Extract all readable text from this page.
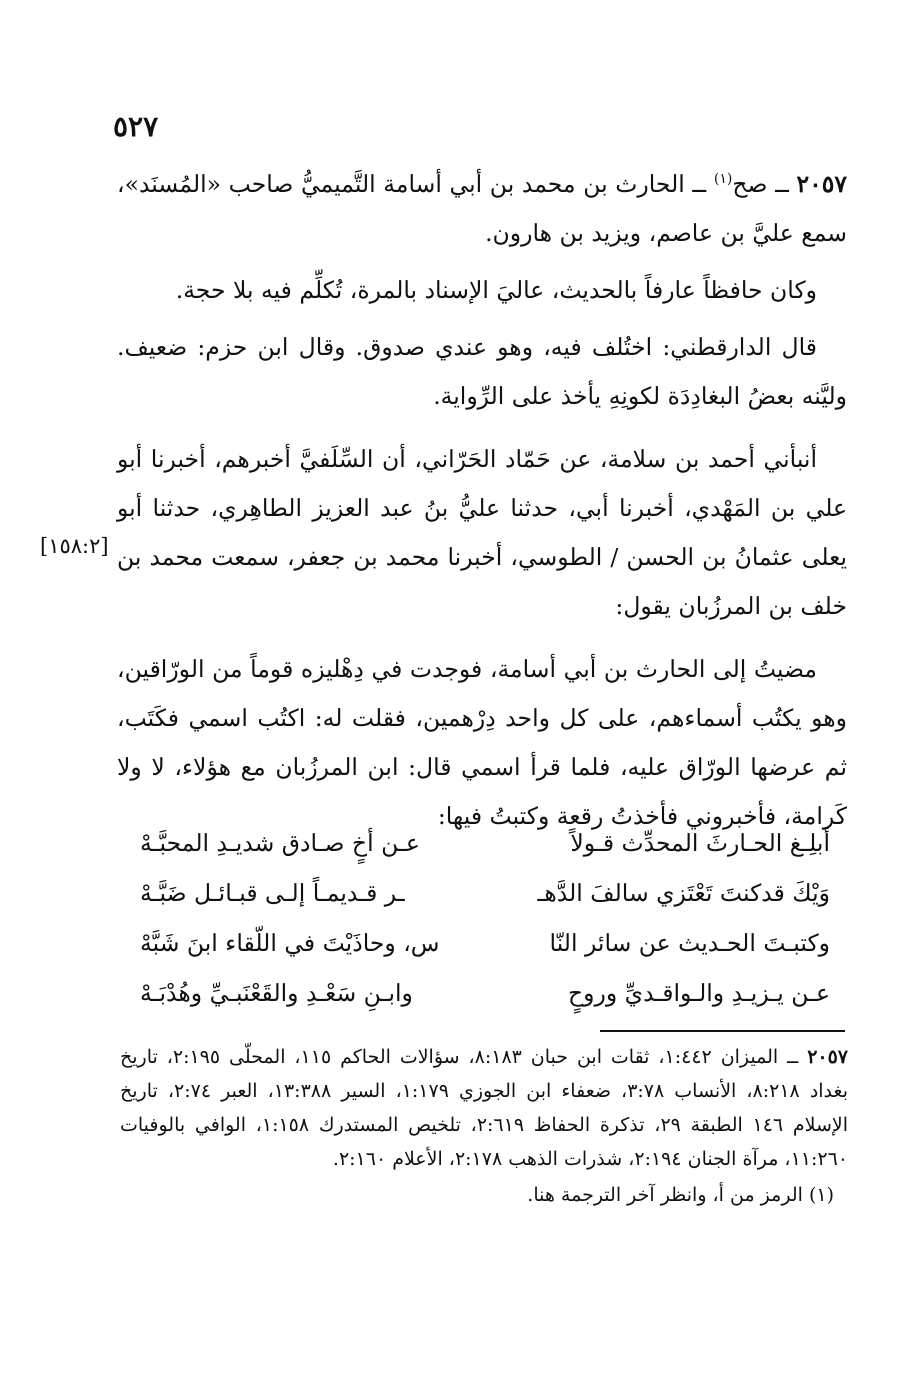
٥٢٧

٢٠٥٧ ــ صح$^{(١)}$ ــ الحارث بن محمد بن أبي أسامة التَّميميُّ صاحب «المُسنَد»، سمع عليَّ بن عاصم، ويزيد بن هارون.

وكان حافظاً عارفاً بالحديث، عاليَ الإسناد بالمرة، تُكلِّم فيه بلا حجة.

قال الدارقطني: اختُلف فيه، وهو عندي صدوق. وقال ابن حزم: ضعيف. وليَّنه بعضُ البغادِدَة لكونِهِ يأخذ على الرِّواية.

أنبأني أحمد بن سلامة، عن حَمّاد الحَرّاني، أن السِّلَفيَّ أخبرهم، أخبرنا أبو علي بن المَهْدي، أخبرنا أبي، حدثنا عليُّ بنُ عبد العزيز الطاهِري، حدثنا أبو يعلى عثمانُ بن الحسن / الطوسي، أخبرنا محمد بن جعفر، سمعت محمد بن خلف بن المرزُبان يقول:

مضيتُ إلى الحارث بن أبي أسامة، فوجدت في دِهْليزه قوماً من الورّاقين، وهو يكتُب أسماءهم، على كل واحد دِرْهمين، فقلت له: اكتُب اسمي فكَتَب، ثم عرضها الورّاق عليه، فلما قرأ اسمي قال: ابن المرزُبان مع هؤلاء، لا ولا كَرامة، فأخبروني فأخذتُ رقعة وكتبتُ فيها:

[١٥٨:٢]
أبلِـغ الحـارثَ المحدِّث قـولاً
عـن أخٍ صـادق شديـدِ المحبَّـهْ
وَيْكَ قدكنتَ تَعْتَزي سالفَ الدَّهـ
ـر قـديمـاً إلـى قبـائـل ضَبَّـهْ
وكتبـتَ الحـديث عن سائر النّا
س، وحاذَيْتَ في اللّقاء ابنَ شَبَّهْ
عـن يـزيـدِ والـواقـديِّ وروحٍ
وابـنِ سَعْـدِ والقَعْنَبـيِّ وهُدْبَـهْ

٢٠٥٧ ــ الميزان ١:٤٤٢، ثقات ابن حبان ٨:١٨٣، سؤالات الحاكم ١١٥، المحلّى ٢:١٩٥، تاريخ بغداد ٨:٢١٨، الأنساب ٣:٧٨، ضعفاء ابن الجوزي ١:١٧٩، السير ١٣:٣٨٨، العبر ٢:٧٤، تاريخ الإسلام ١٤٦ الطبقة ٢٩، تذكرة الحفاظ ٢:٦١٩، تلخيص المستدرك ١:١٥٨، الوافي بالوفيات ١١:٢٦٠، مرآة الجنان ٢:١٩٤، شذرات الذهب ٢:١٧٨، الأعلام ٢:١٦٠.

(١) الرمز من أ، وانظر آخر الترجمة هنا.
